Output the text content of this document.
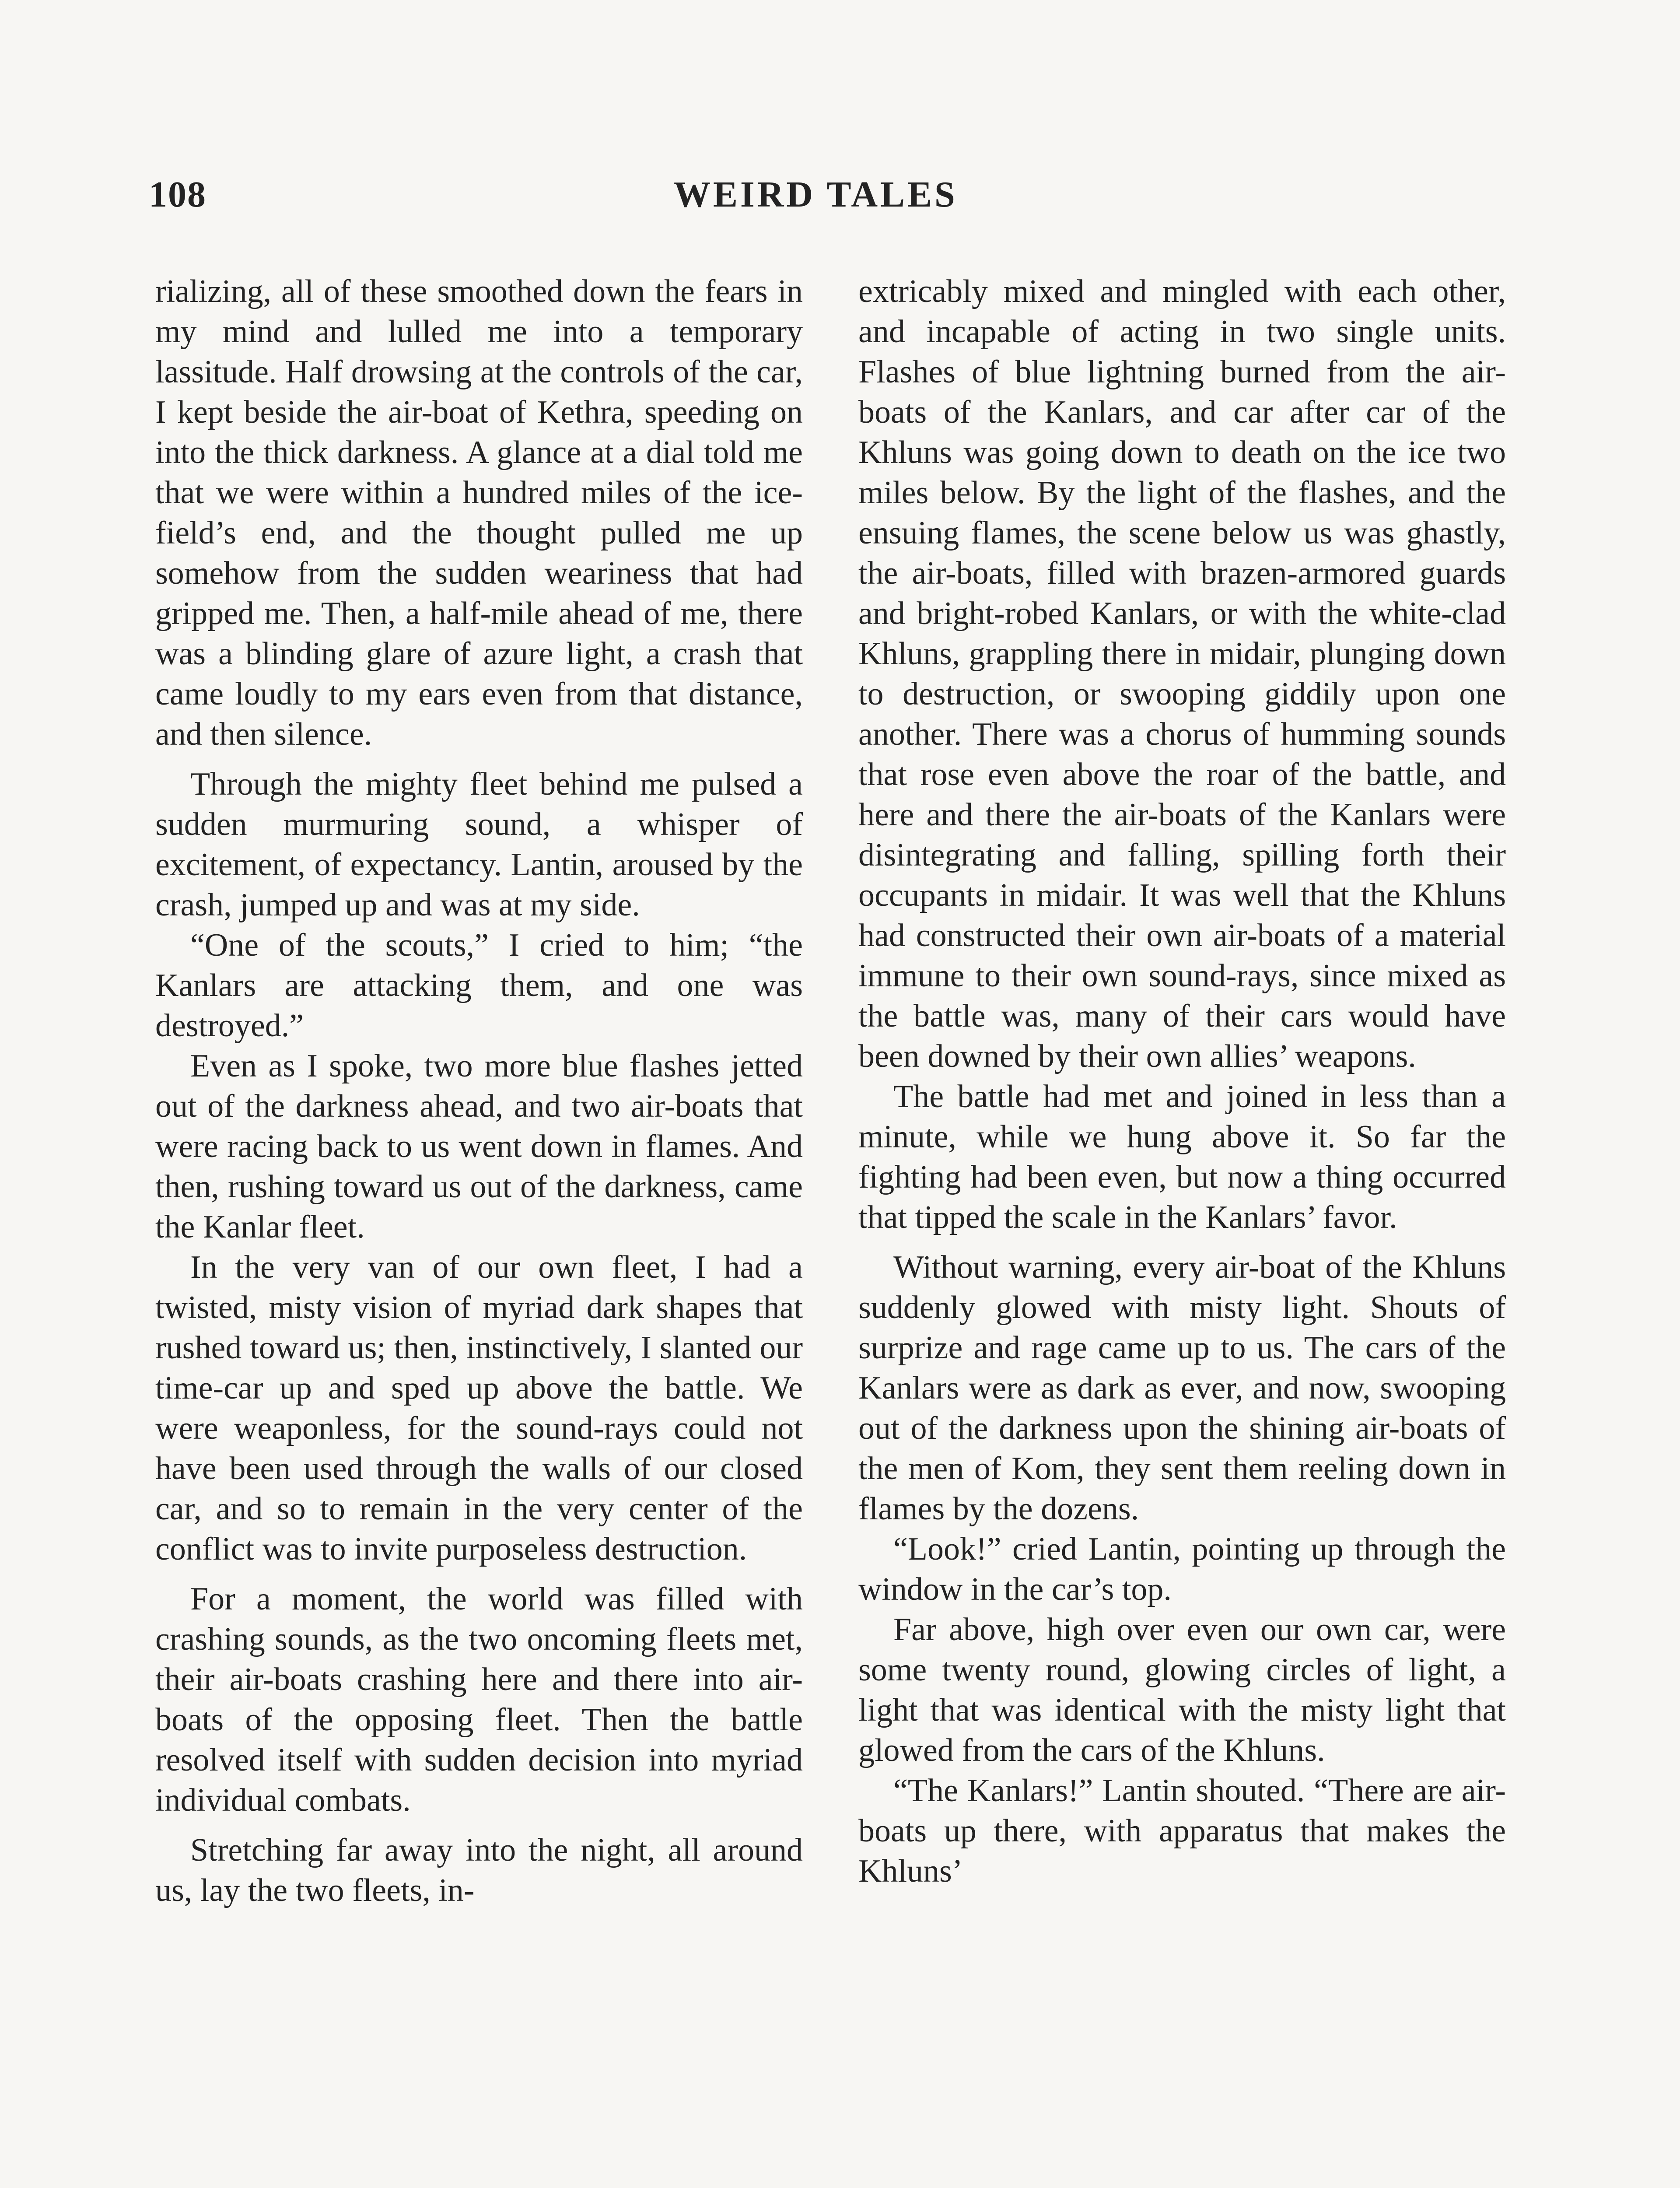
108	WEIRD TALES

rializing, all of these smoothed down the fears in my mind and lulled me into a temporary lassitude. Half drowsing at the controls of the car, I kept beside the air-boat of Kethra, speeding on into the thick darkness. A glance at a dial told me that we were within a hundred miles of the ice-field’s end, and the thought pulled me up somehow from the sudden weariness that had gripped me. Then, a half-mile ahead of me, there was a blinding glare of azure light, a crash that came loudly to my ears even from that distance, and then silence.

Through the mighty fleet behind me pulsed a sudden murmuring sound, a whisper of excitement, of expectancy. Lantin, aroused by the crash, jumped up and was at my side.

“One of the scouts,” I cried to him; “the Kanlars are attacking them, and one was destroyed.”

Even as I spoke, two more blue flashes jetted out of the darkness ahead, and two air-boats that were racing back to us went down in flames. And then, rushing toward us out of the darkness, came the Kanlar fleet.

In the very van of our own fleet, I had a twisted, misty vision of myriad dark shapes that rushed toward us; then, instinctively, I slanted our time-car up and sped up above the battle. We were weaponless, for the sound-rays could not have been used through the walls of our closed car, and so to remain in the very center of the conflict was to invite purposeless destruction.

For a moment, the world was filled with crashing sounds, as the two oncoming fleets met, their air-boats crashing here and there into air-boats of the opposing fleet. Then the battle resolved itself with sudden decision into myriad individual combats.

Stretching far away into the night, all around us, lay the two fleets, in-

extricably mixed and mingled with each other, and incapable of acting in two single units. Flashes of blue lightning burned from the air-boats of the Kanlars, and car after car of the Khluns was going down to death on the ice two miles below. By the light of the flashes, and the ensuing flames, the scene below us was ghastly, the air-boats, filled with brazen-armored guards and bright-robed Kanlars, or with the white-clad Khluns, grappling there in midair, plunging down to destruction, or swooping giddily upon one another. There was a chorus of humming sounds that rose even above the roar of the battle, and here and there the air-boats of the Kanlars were disintegrating and falling, spilling forth their occupants in midair. It was well that the Khluns had constructed their own air-boats of a material immune to their own sound-rays, since mixed as the battle was, many of their cars would have been downed by their own allies’ weapons.

The battle had met and joined in less than a minute, while we hung above it. So far the fighting had been even, but now a thing occurred that tipped the scale in the Kanlars’ favor.

Without warning, every air-boat of the Khluns suddenly glowed with misty light. Shouts of surprize and rage came up to us. The cars of the Kanlars were as dark as ever, and now, swooping out of the darkness upon the shining air-boats of the men of Kom, they sent them reeling down in flames by the dozens.

“Look!” cried Lantin, pointing up through the window in the car’s top.

Far above, high over even our own car, were some twenty round, glowing circles of light, a light that was identical with the misty light that glowed from the cars of the Khluns.

“The Kanlars!” Lantin shouted. “There are air-boats up there, with apparatus that makes the Khluns’
